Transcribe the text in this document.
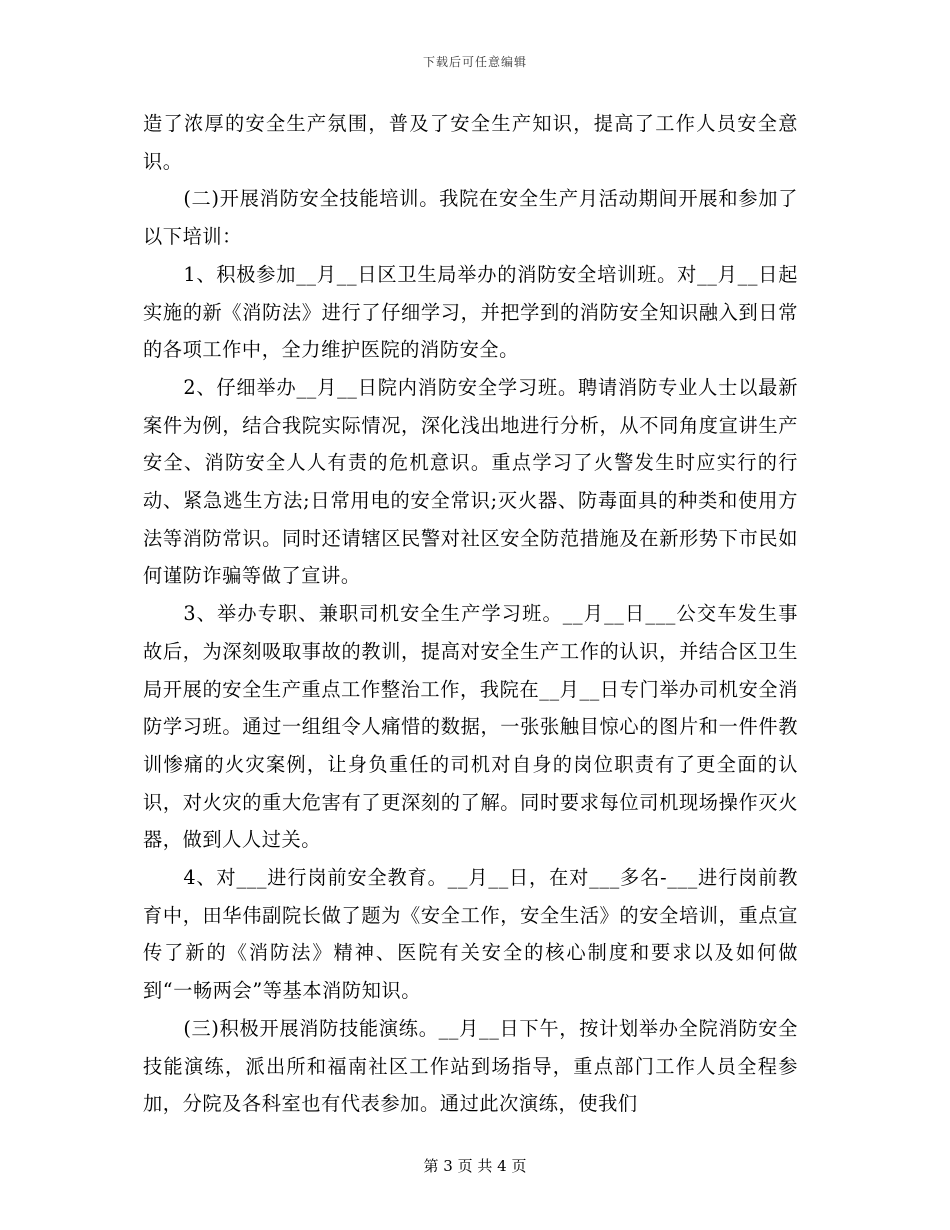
下载后可任意编辑

造了浓厚的安全生产氛围，普及了安全生产知识，提高了工作人员安全意识。

(二)开展消防安全技能培训。我院在安全生产月活动期间开展和参加了以下培训：

1、积极参加__月__日区卫生局举办的消防安全培训班。对__月__日起实施的新《消防法》进行了仔细学习，并把学到的消防安全知识融入到日常的各项工作中，全力维护医院的消防安全。

2、仔细举办__月__日院内消防安全学习班。聘请消防专业人士以最新案件为例，结合我院实际情况，深化浅出地进行分析，从不同角度宣讲生产安全、消防安全人人有责的危机意识。重点学习了火警发生时应实行的行动、紧急逃生方法;日常用电的安全常识;灭火器、防毒面具的种类和使用方法等消防常识。同时还请辖区民警对社区安全防范措施及在新形势下市民如何谨防诈骗等做了宣讲。

3、举办专职、兼职司机安全生产学习班。__月__日___公交车发生事故后，为深刻吸取事故的教训，提高对安全生产工作的认识，并结合区卫生局开展的安全生产重点工作整治工作，我院在__月__日专门举办司机安全消防学习班。通过一组组令人痛惜的数据，一张张触目惊心的图片和一件件教训惨痛的火灾案例，让身负重任的司机对自身的岗位职责有了更全面的认识，对火灾的重大危害有了更深刻的了解。同时要求每位司机现场操作灭火器，做到人人过关。

4、对___进行岗前安全教育。__月__日，在对___多名-___进行岗前教育中，田华伟副院长做了题为《安全工作，安全生活》的安全培训，重点宣传了新的《消防法》精神、医院有关安全的核心制度和要求以及如何做到“一畅两会”等基本消防知识。

(三)积极开展消防技能演练。__月__日下午，按计划举办全院消防安全技能演练，派出所和福南社区工作站到场指导，重点部门工作人员全程参加，分院及各科室也有代表参加。通过此次演练，使我们

第 3 页 共 4 页
